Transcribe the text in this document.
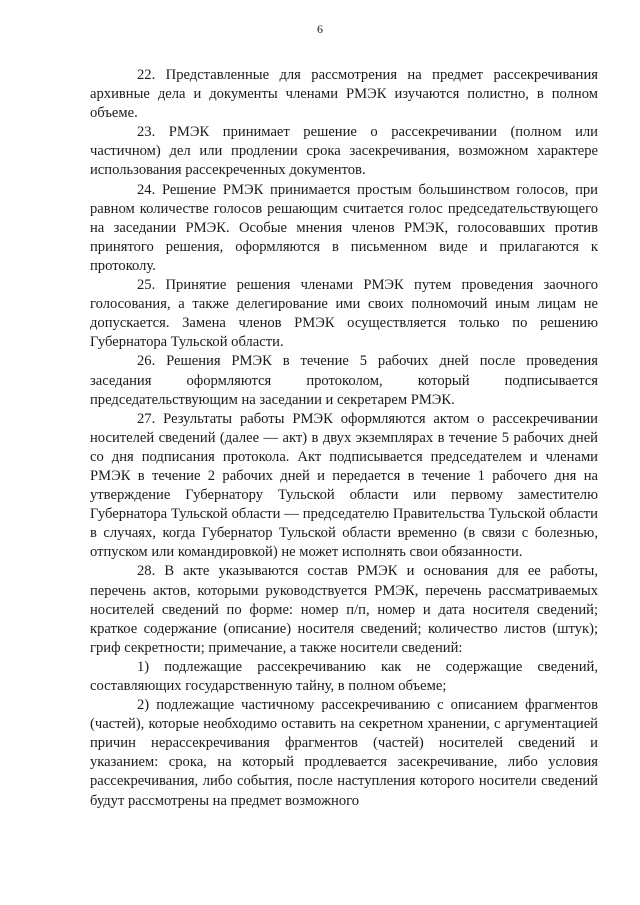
6

22. Представленные для рассмотрения на предмет рассекречивания архивные дела и документы членами РМЭК изучаются полистно, в полном объеме.

23. РМЭК принимает решение о рассекречивании (полном или частичном) дел или продлении срока засекречивания, возможном характере использования рассекреченных документов.

24. Решение РМЭК принимается простым большинством голосов, при равном количестве голосов решающим считается голос председательствующего на заседании РМЭК. Особые мнения членов РМЭК, голосовавших против принятого решения, оформляются в письменном виде и прилагаются к протоколу.

25. Принятие решения членами РМЭК путем проведения заочного голосования, а также делегирование ими своих полномочий иным лицам не допускается. Замена членов РМЭК осуществляется только по решению Губернатора Тульской области.

26. Решения РМЭК в течение 5 рабочих дней после проведения заседания оформляются протоколом, который подписывается председательствующим на заседании и секретарем РМЭК.

27. Результаты работы РМЭК оформляются актом о рассекречивании носителей сведений (далее — акт) в двух экземплярах в течение 5 рабочих дней со дня подписания протокола. Акт подписывается председателем и членами РМЭК в течение 2 рабочих дней и передается в течение 1 рабочего дня на утверждение Губернатору Тульской области или первому заместителю Губернатора Тульской области — председателю Правительства Тульской области в случаях, когда Губернатор Тульской области временно (в связи с болезнью, отпуском или командировкой) не может исполнять свои обязанности.

28. В акте указываются состав РМЭК и основания для ее работы, перечень актов, которыми руководствуется РМЭК, перечень рассматриваемых носителей сведений по форме: номер п/п, номер и дата носителя сведений; краткое содержание (описание) носителя сведений; количество листов (штук); гриф секретности; примечание, а также носители сведений:

1) подлежащие рассекречиванию как не содержащие сведений, составляющих государственную тайну, в полном объеме;

2) подлежащие частичному рассекречиванию с описанием фрагментов (частей), которые необходимо оставить на секретном хранении, с аргументацией причин нерассекречивания фрагментов (частей) носителей сведений и указанием: срока, на который продлевается засекречивание, либо условия рассекречивания, либо события, после наступления которого носители сведений будут рассмотрены на предмет возможного
